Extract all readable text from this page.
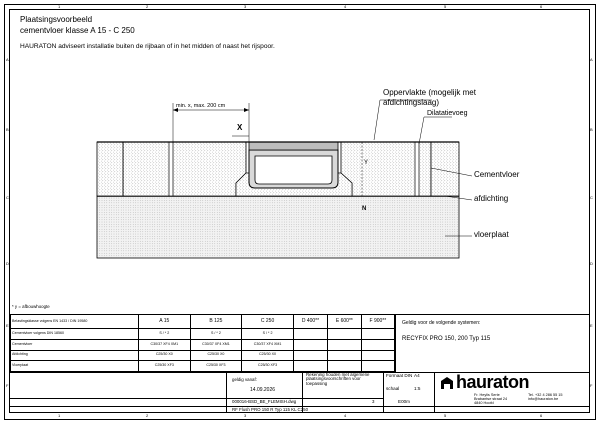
1	2	3	4	5	6
1	2	3	4	5	6
A
B
C
D
E
F
A
B
C
D
E
F
Plaatsingsvoorbeeld
cementvloer klasse A 15 - C 250
HAURATON adviseert installatie buiten de rijbaan of in het midden of naast het rijspoor.
min. x, max. 200 cm
X
N
Y
Oppervlakte (mogelijk met
afdichtingslaag)
Dilatatievoeg
Cementvloer
afdichting
vloerplaat
* y = afbouwhoogte
Belastingsklasse volgens EN 1433 / DIN 19580	A 15	B 125	C 250	D 400**	E 600**	F 900**
Cementvloer volgens DIN 18560	S / * 2	S / * 2	S / * 2			
Cementvloer	C30/37 XF4 XM1	C30/37 XF4 XM1	C30/37 XF4 XM1			
Afdichting	C25/30 X0	C25/30 X0	C25/30 X0			
Vloerplaat	C25/30 XF3	C25/30 XF3	C25/30 XF3			
Geldig voor de volgende systemen:
RECYFIX PRO 150, 200 Typ 115
geldig vanaf:
14.09.2026
Rekening houden met algemene plaatsingsvoorschriften voor toepassing
000016-BSD_BE_FLEMISH.dwg	3
Formaat DIN A4
schaal	1:5
E00m
hauraton
Fr. Heylis Serie
Brabantse straat 24
4840 Hoofd
Tel. +32 4 286 55 15
info@hauraton.be
RF Flush PRO 150 R Typ 115 KL C250
